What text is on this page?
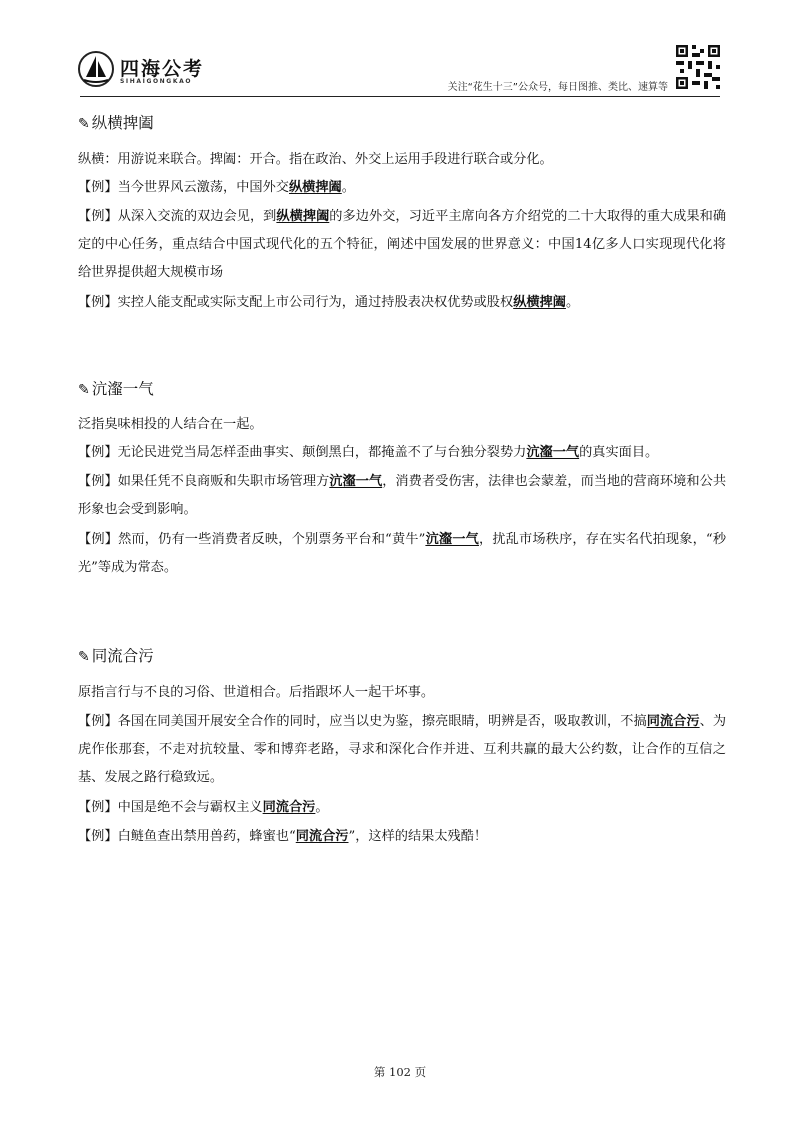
四海公考
SIHAIGONGKAO
关注“花生十三”公众号，每日图推、类比、速算等
✎ 纵横捭阖
纵横：用游说来联合。捭阖：开合。指在政治、外交上运用手段进行联合或分化。
【例】当今世界风云激荡，中国外交纵横捭阖。
【例】从深入交流的双边会见，到纵横捭阖的多边外交，习近平主席向各方介绍党的二十大取得的重大成果和确定的中心任务，重点结合中国式现代化的五个特征，阐述中国发展的世界意义：中国14亿多人口实现现代化将给世界提供超大规模市场
【例】实控人能支配或实际支配上市公司行为，通过持股表决权优势或股权纵横捭阖。
✎ 沆瀣一气
泛指臭味相投的人结合在一起。
【例】无论民进党当局怎样歪曲事实、颠倒黑白，都掩盖不了与台独分裂势力沆瀣一气的真实面目。
【例】如果任凭不良商贩和失职市场管理方沆瀣一气，消费者受伤害，法律也会蒙羞，而当地的营商环境和公共形象也会受到影响。
【例】然而，仍有一些消费者反映，个别票务平台和“黄牛”沆瀣一气，扰乱市场秩序，存在实名代拍现象，“秒光”等成为常态。
✎ 同流合污
原指言行与不良的习俗、世道相合。后指跟坏人一起干坏事。
【例】各国在同美国开展安全合作的同时，应当以史为鉴，擦亮眼睛，明辨是否，吸取教训，不搞同流合污、为虎作伥那套，不走对抗较量、零和博弈老路，寻求和深化合作并进、互利共赢的最大公约数，让合作的互信之基、发展之路行稳致远。
【例】中国是绝不会与霸权主义同流合污。
【例】白鲢鱼查出禁用兽药，蜂蜜也“同流合污”，这样的结果太残酷！
第 102 页
